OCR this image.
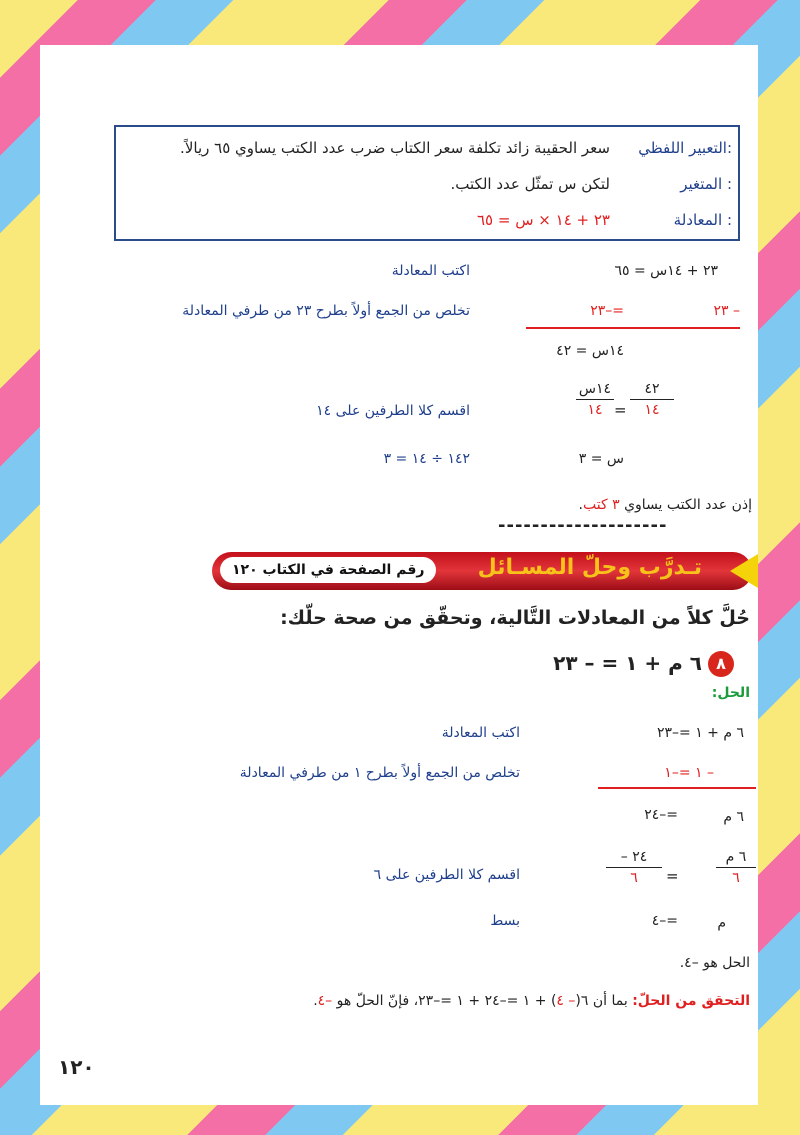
التعبير اللفظي:
سعر الحقيبة زائد تكلفة سعر الكتاب ضرب عدد الكتب يساوي ٦٥ ريالاً.
المتغير :
لتكن س تمثّل عدد الكتب.
المعادلة :
٢٣ + ١٤ × س = ٦٥
٢٣ + ١٤س = ٦٥
اكتب المعادلة
– ٢٣
=–٢٣
تخلص من الجمع أولاً بطرح ٢٣ من طرفي المعادلة
١٤س = ٤٢
١٤س
١٤ =
٤٢
١٤
اقسم كلا الطرفين على ١٤
س = ٣
١٤٢ ÷ ١٤ = ٣
إذن عدد الكتب يساوي ٣ كتب.
--------------------
تـدرَّب وحلّ المسـائل
رقم الصفحة في الكتاب ١٢٠
حُلَّ كلاً من المعادلات التَّالية، وتحقّق من صحة حلّك:
٨
٦ م + ١ = – ٢٣
الحل:
٦ م + ١ =–٢٣
اكتب المعادلة
– ١ =–١
تخلص من الجمع أولاً بطرح ١ من طرفي المعادلة
٦ م
=–٢٤
– ٢٤
٦	=
٦ م
٦
اقسم كلا الطرفين على ٦
م
=–٤
بسط
الحل هو –٤.
التحقق من الحلّ: بما أن ٦(– ٤) + ١ =–٢٤ + ١ =–٢٣، فإنّ الحلّ هو –٤.
١٢٠
